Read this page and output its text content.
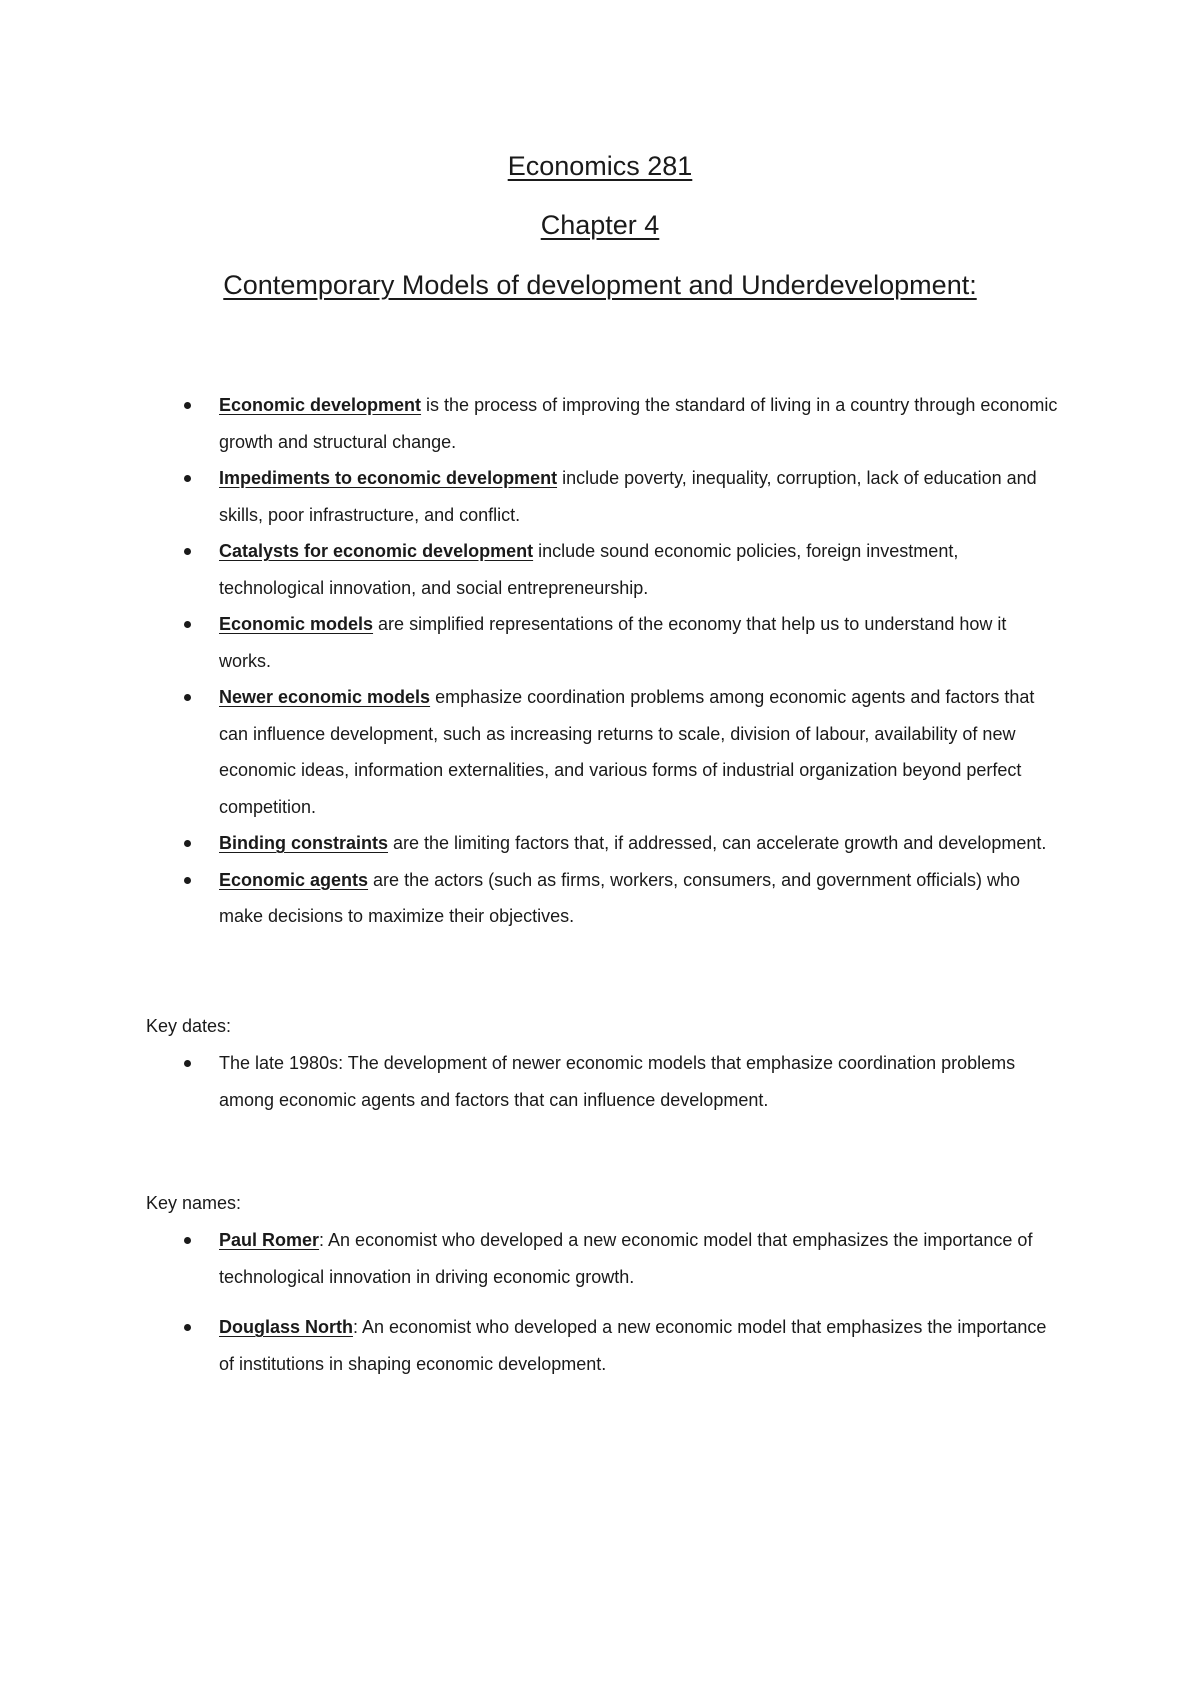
Economics 281
Chapter 4
Contemporary Models of development and Underdevelopment:
Economic development is the process of improving the standard of living in a country through economic growth and structural change.
Impediments to economic development include poverty, inequality, corruption, lack of education and skills, poor infrastructure, and conflict.
Catalysts for economic development include sound economic policies, foreign investment, technological innovation, and social entrepreneurship.
Economic models are simplified representations of the economy that help us to understand how it works.
Newer economic models emphasize coordination problems among economic agents and factors that can influence development, such as increasing returns to scale, division of labour, availability of new economic ideas, information externalities, and various forms of industrial organization beyond perfect competition.
Binding constraints are the limiting factors that, if addressed, can accelerate growth and development.
Economic agents are the actors (such as firms, workers, consumers, and government officials) who make decisions to maximize their objectives.

Key dates:

The late 1980s: The development of newer economic models that emphasize coordination problems among economic agents and factors that can influence development.

Key names:

Paul Romer: An economist who developed a new economic model that emphasizes the importance of technological innovation in driving economic growth.
Douglass North: An economist who developed a new economic model that emphasizes the importance of institutions in shaping economic development.
